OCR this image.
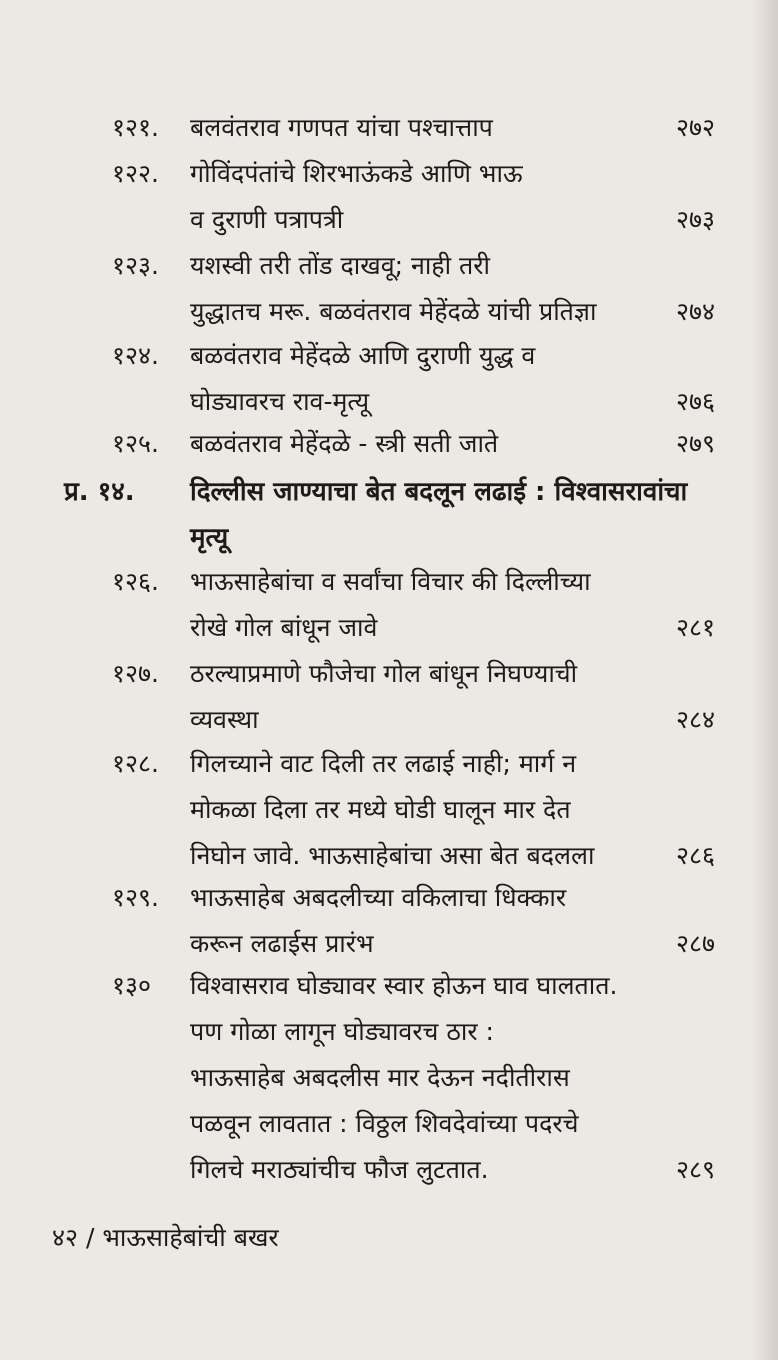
१२१. बलवंतराव गणपत यांचा पश्चात्ताप	२७२
१२२. गोविंदपंतांचे शिरभाऊंकडे आणि भाऊ
व दुराणी पत्रापत्री	२७३
१२३. यशस्वी तरी तोंड दाखवू; नाही तरी
युद्धातच मरू. बळवंतराव मेहेंदळे यांची प्रतिज्ञा	२७४
१२४. बळवंतराव मेहेंदळे आणि दुराणी युद्ध व
घोड्यावरच राव-मृत्यू	२७६
१२५. बळवंतराव मेहेंदळे - स्त्री सती जाते	२७९
प्र. १४. दिल्लीस जाण्याचा बेत बदलून लढाई : विश्वासरावांचा
मृत्यू
१२६. भाऊसाहेबांचा व सर्वांचा विचार की दिल्लीच्या
रोखे गोल बांधून जावे	२८१
१२७. ठरल्याप्रमाणे फौजेचा गोल बांधून निघण्याची
व्यवस्था	२८४
१२८. गिलच्याने वाट दिली तर लढाई नाही; मार्ग न
मोकळा दिला तर मध्ये घोडी घालून मार देत
निघोन जावे. भाऊसाहेबांचा असा बेत बदलला	२८६
१२९. भाऊसाहेब अबदलीच्या वकिलाचा धिक्कार
करून लढाईस प्रारंभ	२८७
१३० विश्वासराव घोड्यावर स्वार होऊन घाव घालतात.
पण गोळा लागून घोड्यावरच ठार :
भाऊसाहेब अबदलीस मार देऊन नदीतीरास
पळवून लावतात : विठ्ठल शिवदेवांच्या पदरचे
गिलचे मराठ्यांचीच फौज लुटतात.	२८९
४२ / भाऊसाहेबांची बखर
